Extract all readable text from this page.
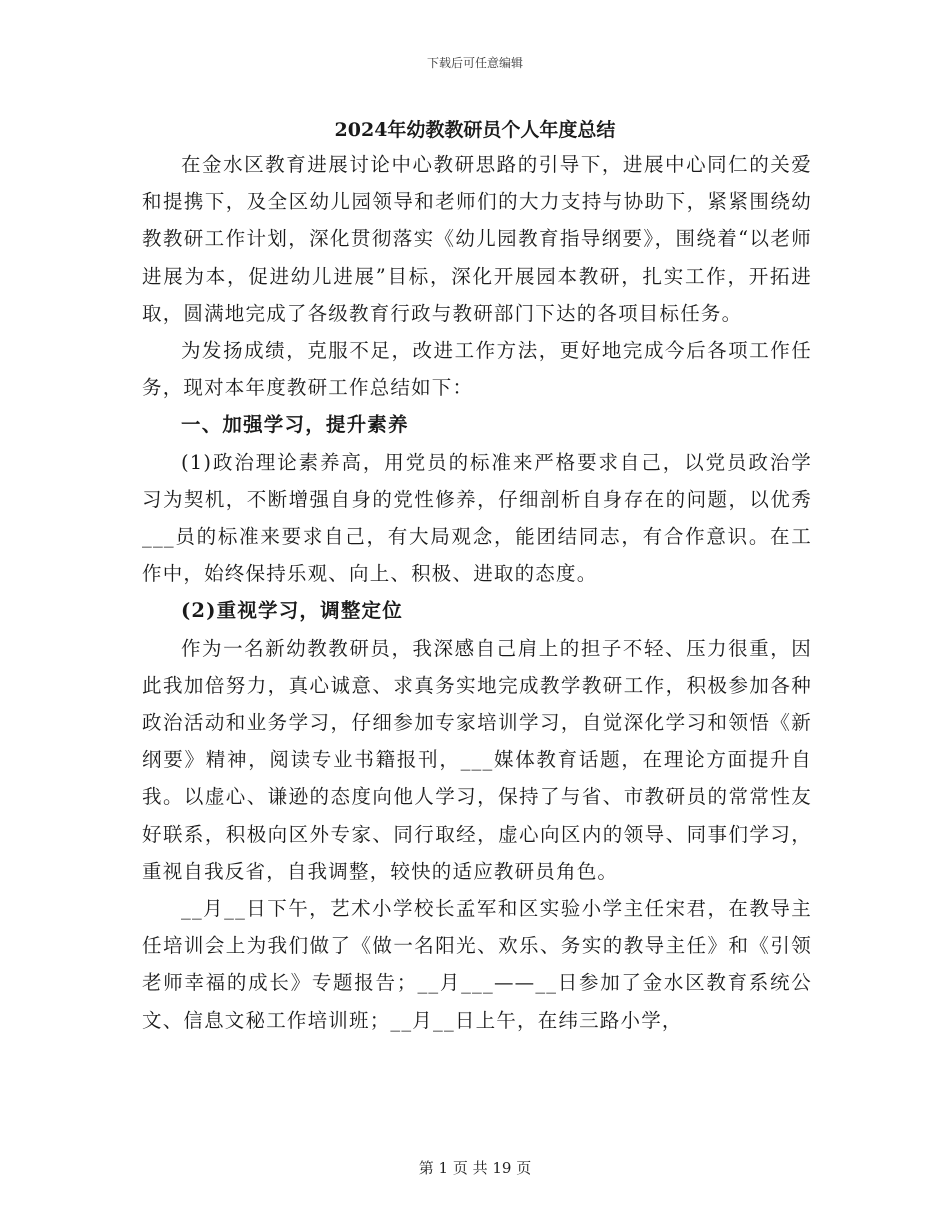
下载后可任意编辑
2024年幼教教研员个人年度总结

在金水区教育进展讨论中心教研思路的引导下，进展中心同仁的关爱和提携下，及全区幼儿园领导和老师们的大力支持与协助下，紧紧围绕幼教教研工作计划，深化贯彻落实《幼儿园教育指导纲要》，围绕着“以老师进展为本，促进幼儿进展”目标，深化开展园本教研，扎实工作，开拓进取，圆满地完成了各级教育行政与教研部门下达的各项目标任务。

为发扬成绩，克服不足，改进工作方法，更好地完成今后各项工作任务，现对本年度教研工作总结如下：

一、加强学习，提升素养

(1)政治理论素养高，用党员的标准来严格要求自己，以党员政治学习为契机，不断增强自身的党性修养，仔细剖析自身存在的问题，以优秀___员的标准来要求自己，有大局观念，能团结同志，有合作意识。在工作中，始终保持乐观、向上、积极、进取的态度。

(2)重视学习，调整定位

作为一名新幼教教研员，我深感自己肩上的担子不轻、压力很重，因此我加倍努力，真心诚意、求真务实地完成教学教研工作，积极参加各种政治活动和业务学习，仔细参加专家培训学习，自觉深化学习和领悟《新纲要》精神，阅读专业书籍报刊，___媒体教育话题，在理论方面提升自我。以虚心、谦逊的态度向他人学习，保持了与省、市教研员的常常性友好联系，积极向区外专家、同行取经，虚心向区内的领导、同事们学习，重视自我反省，自我调整，较快的适应教研员角色。

__月__日下午，艺术小学校长孟军和区实验小学主任宋君，在教导主任培训会上为我们做了《做一名阳光、欢乐、务实的教导主任》和《引领老师幸福的成长》专题报告；__月___——__日参加了金水区教育系统公文、信息文秘工作培训班；__月__日上午，在纬三路小学，

第 1 页 共 19 页
